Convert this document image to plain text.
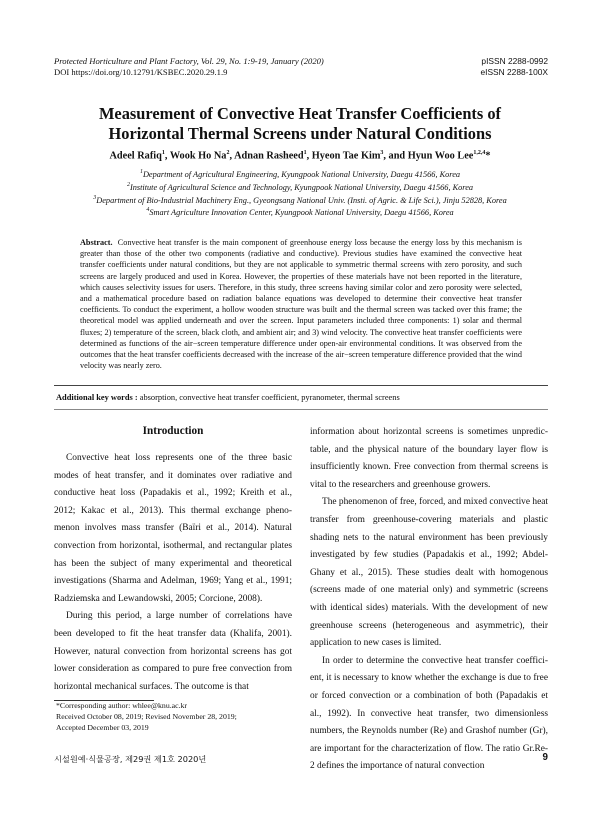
Protected Horticulture and Plant Factory, Vol. 29, No. 1:9-19, January (2020)
DOI https://doi.org/10.12791/KSBEC.2020.29.1.9
pISSN 2288-0992
eISSN 2288-100X
Measurement of Convective Heat Transfer Coefficients of
Horizontal Thermal Screens under Natural Conditions
Adeel Rafiq$^1$, Wook Ho Na$^2$, Adnan Rasheed$^1$, Hyeon Tae Kim$^3$, and Hyun Woo Lee$^{1,2,4}$*
$^1$Department of Agricultural Engineering, Kyungpook National University, Daegu 41566, Korea
$^2$Institute of Agricultural Science and Technology, Kyungpook National University, Daegu 41566, Korea
$^3$Department of Bio-Industrial Machinery Eng., Gyeongsang National Univ. (Insti. of Agric. & Life Sci.), Jinju 52828, Korea
$^4$Smart Agriculture Innovation Center, Kyungpook National University, Daegu 41566, Korea
Abstract. Convective heat transfer is the main component of greenhouse energy loss because the energy loss by this mechanism is greater than those of the other two components (radiative and conductive). Previous studies have examined the convective heat transfer coefficients under natural conditions, but they are not applicable to symmetric thermal screens with zero porosity, and such screens are largely produced and used in Korea. However, the properties of these materials have not been reported in the literature, which causes selectivity issues for users. Therefore, in this study, three screens having similar color and zero porosity were selected, and a mathematical procedure based on radiation balance equations was developed to determine their convective heat transfer coefficients. To conduct the experiment, a hollow wooden structure was built and the thermal screen was tacked over this frame; the theoretical model was applied underneath and over the screen. Input parameters included three components: 1) solar and thermal fluxes; 2) temperature of the screen, black cloth, and ambient air; and 3) wind velocity. The convective heat transfer coefficients were determined as functions of the air−screen temperature difference under open-air environmental conditions. It was observed from the outcomes that the heat transfer coefficients decreased with the increase of the air−screen temperature difference provided that the wind velocity was nearly zero.
Additional key words : absorption, convective heat transfer coefficient, pyranometer, thermal screens
Introduction

Convective heat loss represents one of the three basic modes of heat transfer, and it dominates over radiative and conductive heat loss (Papadakis et al., 1992; Kreith et al., 2012; Kakac et al., 2013). This thermal exchange pheno-menon involves mass transfer (Baïri et al., 2014). Natural convection from horizontal, isothermal, and rectangular plates has been the subject of many experimental and theoretical investigations (Sharma and Adelman, 1969; Yang et al., 1991; Radziemska and Lewandowski, 2005; Corcione, 2008).

During this period, a large number of correlations have been developed to fit the heat transfer data (Khalifa, 2001). However, natural convection from horizontal screens has got lower consideration as compared to pure free convection from horizontal mechanical surfaces. The outcome is that

information about horizontal screens is sometimes unpredic-table, and the physical nature of the boundary layer flow is insufficiently known. Free convection from thermal screens is vital to the researchers and greenhouse growers.

The phenomenon of free, forced, and mixed convective heat transfer from greenhouse-covering materials and plastic shading nets to the natural environment has been previously investigated by few studies (Papadakis et al., 1992; Abdel-Ghany et al., 2015). These studies dealt with homogenous (screens made of one material only) and symmetric (screens with identical sides) materials. With the development of new greenhouse screens (heterogeneous and asymmetric), their application to new cases is limited.

In order to determine the convective heat transfer coeffici-ent, it is necessary to know whether the exchange is due to free or forced convection or a combination of both (Papadakis et al., 1992). In convective heat transfer, two dimensionless numbers, the Reynolds number (Re) and Grashof number (Gr), are important for the characterization of flow. The ratio Gr.Re-2 defines the importance of natural convection

*Corresponding author: whlee@knu.ac.kr
Received October 08, 2019; Revised November 28, 2019;
Accepted December 03, 2019
시설원예·식물공장, 제29권 제1호 2020년	9
